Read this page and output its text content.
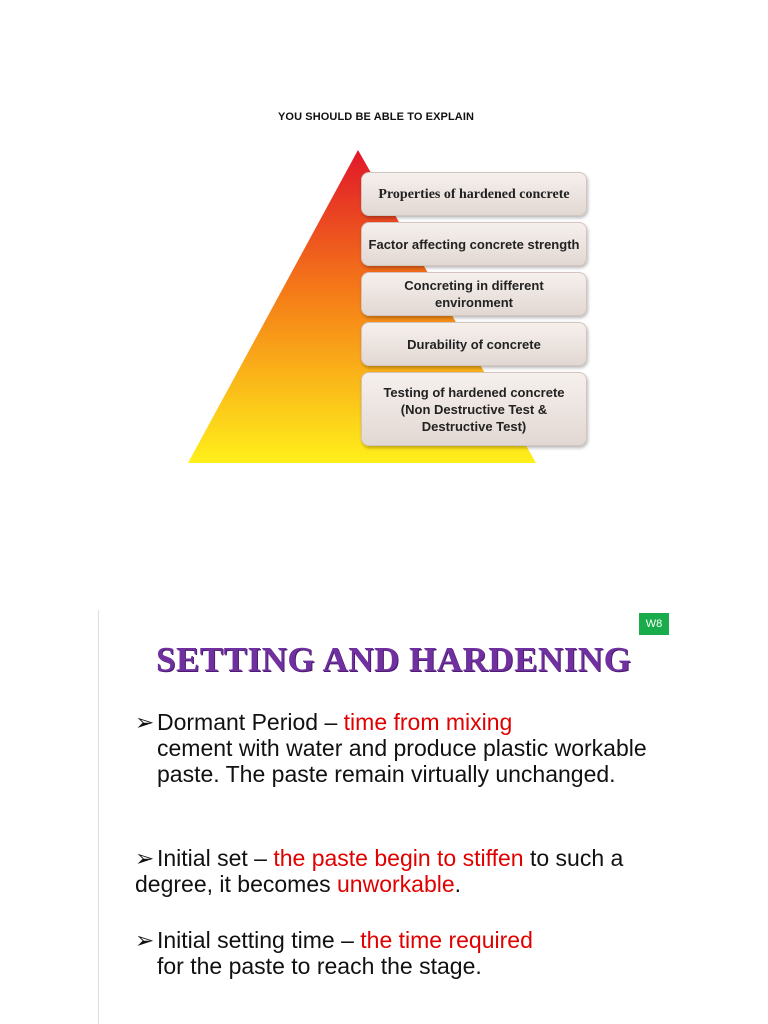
YOU SHOULD BE ABLE TO EXPLAIN
Properties of hardened concrete
Factor affecting concrete strength
Concreting in different environment
Durability of concrete
Testing of hardened concrete (Non Destructive Test & Destructive Test)
W8
SETTING AND HARDENING
➢ Dormant Period – time from mixing
cement with water and produce plastic workable paste. The paste remain virtually unchanged.
➢ Initial set – the paste begin to stiffen to such a degree, it becomes unworkable.
➢ Initial setting time – the time required
for the paste to reach the stage.
